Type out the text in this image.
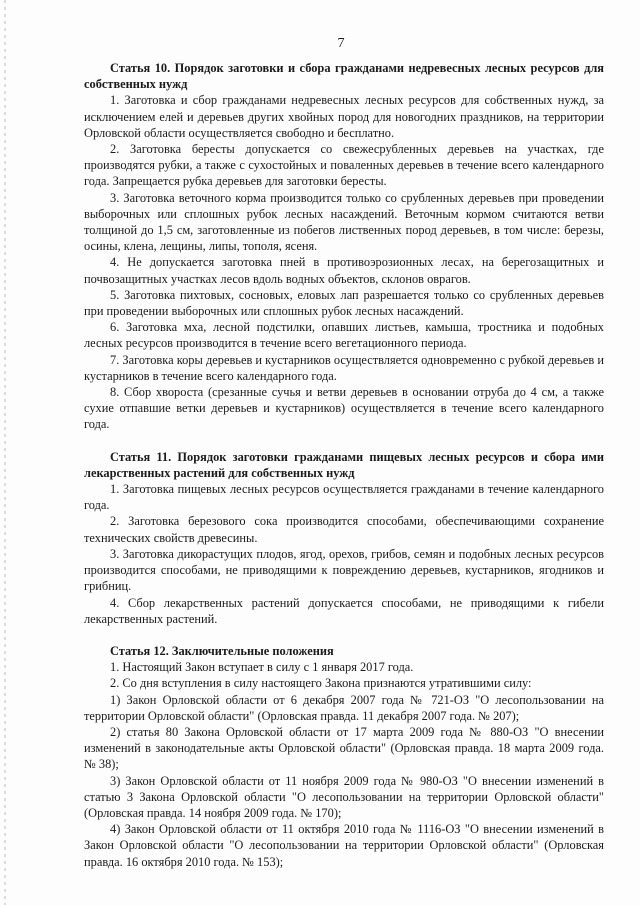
7

Статья 10. Порядок заготовки и сбора гражданами недревесных лесных ресурсов для собственных нужд

1. Заготовка и сбор гражданами недревесных лесных ресурсов для собственных нужд, за исключением елей и деревьев других хвойных пород для новогодних праздников, на территории Орловской области осуществляется свободно и бесплатно.

2. Заготовка бересты допускается со свежесрубленных деревьев на участках, где производятся рубки, а также с сухостойных и поваленных деревьев в течение всего календарного года. Запрещается рубка деревьев для заготовки бересты.

3. Заготовка веточного корма производится только со срубленных деревьев при проведении выборочных или сплошных рубок лесных насаждений. Веточным кормом считаются ветви толщиной до 1,5 см, заготовленные из побегов лиственных пород деревьев, в том числе: березы, осины, клена, лещины, липы, тополя, ясеня.

4. Не допускается заготовка пней в противоэрозионных лесах, на берегозащитных и почвозащитных участках лесов вдоль водных объектов, склонов оврагов.

5. Заготовка пихтовых, сосновых, еловых лап разрешается только со срубленных деревьев при проведении выборочных или сплошных рубок лесных насаждений.

6. Заготовка мха, лесной подстилки, опавших листьев, камыша, тростника и подобных лесных ресурсов производится в течение всего вегетационного периода.

7. Заготовка коры деревьев и кустарников осуществляется одновременно с рубкой деревьев и кустарников в течение всего календарного года.

8. Сбор хвороста (срезанные сучья и ветви деревьев в основании отруба до 4 см, а также сухие отпавшие ветки деревьев и кустарников) осуществляется в течение всего календарного года.

Статья 11. Порядок заготовки гражданами пищевых лесных ресурсов и сбора ими лекарственных растений для собственных нужд

1. Заготовка пищевых лесных ресурсов осуществляется гражданами в течение календарного года.

2. Заготовка березового сока производится способами, обеспечивающими сохранение технических свойств древесины.

3. Заготовка дикорастущих плодов, ягод, орехов, грибов, семян и подобных лесных ресурсов производится способами, не приводящими к повреждению деревьев, кустарников, ягодников и грибниц.

4. Сбор лекарственных растений допускается способами, не приводящими к гибели лекарственных растений.

Статья 12. Заключительные положения

1. Настоящий Закон вступает в силу с 1 января 2017 года.

2. Со дня вступления в силу настоящего Закона признаются утратившими силу:

1) Закон Орловской области от 6 декабря 2007 года № 721-ОЗ "О лесопользовании на территории Орловской области" (Орловская правда. 11 декабря 2007 года. № 207);

2) статья 80 Закона Орловской области от 17 марта 2009 года № 880-ОЗ "О внесении изменений в законодательные акты Орловской области" (Орловская правда. 18 марта 2009 года. № 38);

3) Закон Орловской области от 11 ноября 2009 года № 980-ОЗ "О внесении изменений в статью 3 Закона Орловской области "О лесопользовании на территории Орловской области" (Орловская правда. 14 ноября 2009 года. № 170);

4) Закон Орловской области от 11 октября 2010 года № 1116-ОЗ "О внесении изменений в Закон Орловской области "О лесопользовании на территории Орловской области" (Орловская правда. 16 октября 2010 года. № 153);
